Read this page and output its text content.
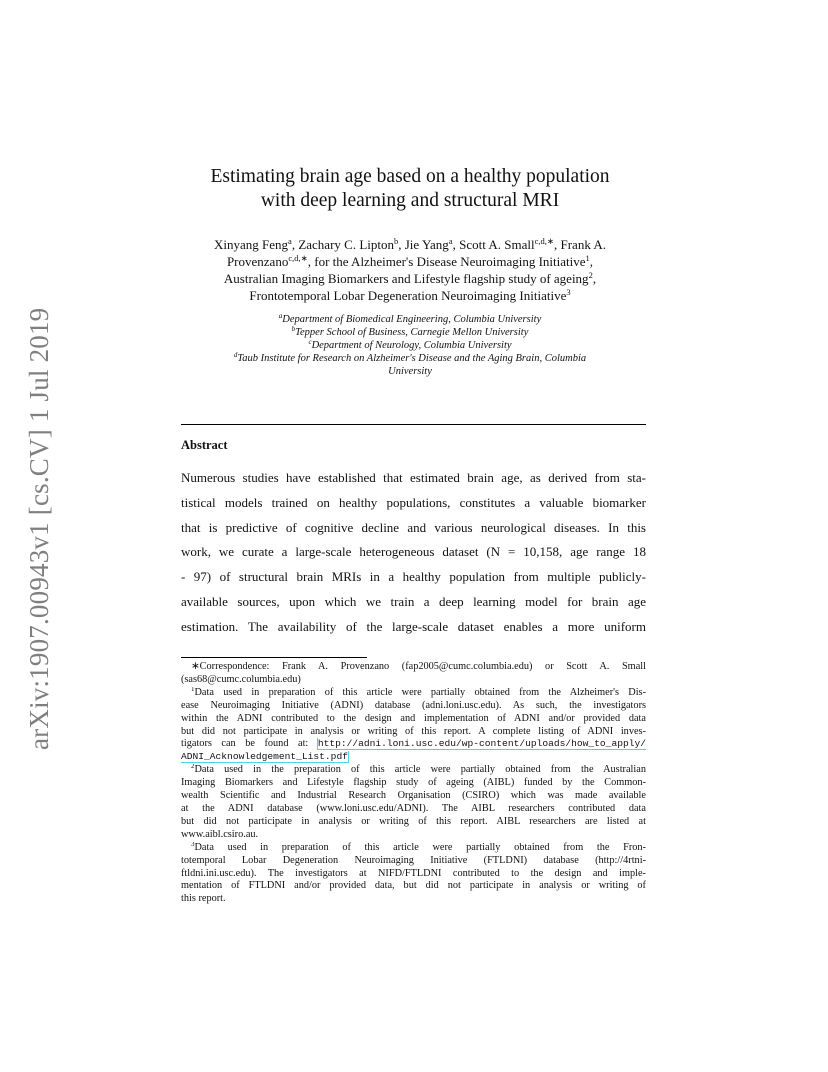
arXiv:1907.00943v1 [cs.CV] 1 Jul 2019
Estimating brain age based on a healthy population
with deep learning and structural MRI
Xinyang Feng$^a$, Zachary C. Lipton$^b$, Jie Yang$^a$, Scott A. Small$^{c,d,∗}$, Frank A.
Provenzano$^{c,d,∗}$, for the Alzheimer's Disease Neuroimaging Initiative$^1$,
Australian Imaging Biomarkers and Lifestyle flagship study of ageing$^2$,
Frontotemporal Lobar Degeneration Neuroimaging Initiative$^3$
$^a$Department of Biomedical Engineering, Columbia University
$^b$Tepper School of Business, Carnegie Mellon University
$^c$Department of Neurology, Columbia University
$^d$Taub Institute for Research on Alzheimer's Disease and the Aging Brain, Columbia
University
Abstract
Numerous studies have established that estimated brain age, as derived from sta-
tistical models trained on healthy populations, constitutes a valuable biomarker
that is predictive of cognitive decline and various neurological diseases. In this
work, we curate a large-scale heterogeneous dataset (N = 10,158, age range 18
- 97) of structural brain MRIs in a healthy population from multiple publicly-
available sources, upon which we train a deep learning model for brain age
estimation. The availability of the large-scale dataset enables a more uniform
∗Correspondence: Frank A. Provenzano (fap2005@cumc.columbia.edu) or Scott A. Small
(sas68@cumc.columbia.edu)
$^1$Data used in preparation of this article were partially obtained from the Alzheimer's Dis-
ease Neuroimaging Initiative (ADNI) database (adni.loni.usc.edu). As such, the investigators
within the ADNI contributed to the design and implementation of ADNI and/or provided data
but did not participate in analysis or writing of this report. A complete listing of ADNI inves-
tigators can be found at: http://adni.loni.usc.edu/wp-content/uploads/how_to_apply/
ADNI_Acknowledgement_List.pdf
$^2$Data used in the preparation of this article were partially obtained from the Australian
Imaging Biomarkers and Lifestyle flagship study of ageing (AIBL) funded by the Common-
wealth Scientific and Industrial Research Organisation (CSIRO) which was made available
at the ADNI database (www.loni.usc.edu/ADNI). The AIBL researchers contributed data
but did not participate in analysis or writing of this report. AIBL researchers are listed at
www.aibl.csiro.au.
$^3$Data used in preparation of this article were partially obtained from the Fron-
totemporal Lobar Degeneration Neuroimaging Initiative (FTLDNI) database (http://4rtni-
ftldni.ini.usc.edu). The investigators at NIFD/FTLDNI contributed to the design and imple-
mentation of FTLDNI and/or provided data, but did not participate in analysis or writing of
this report.
